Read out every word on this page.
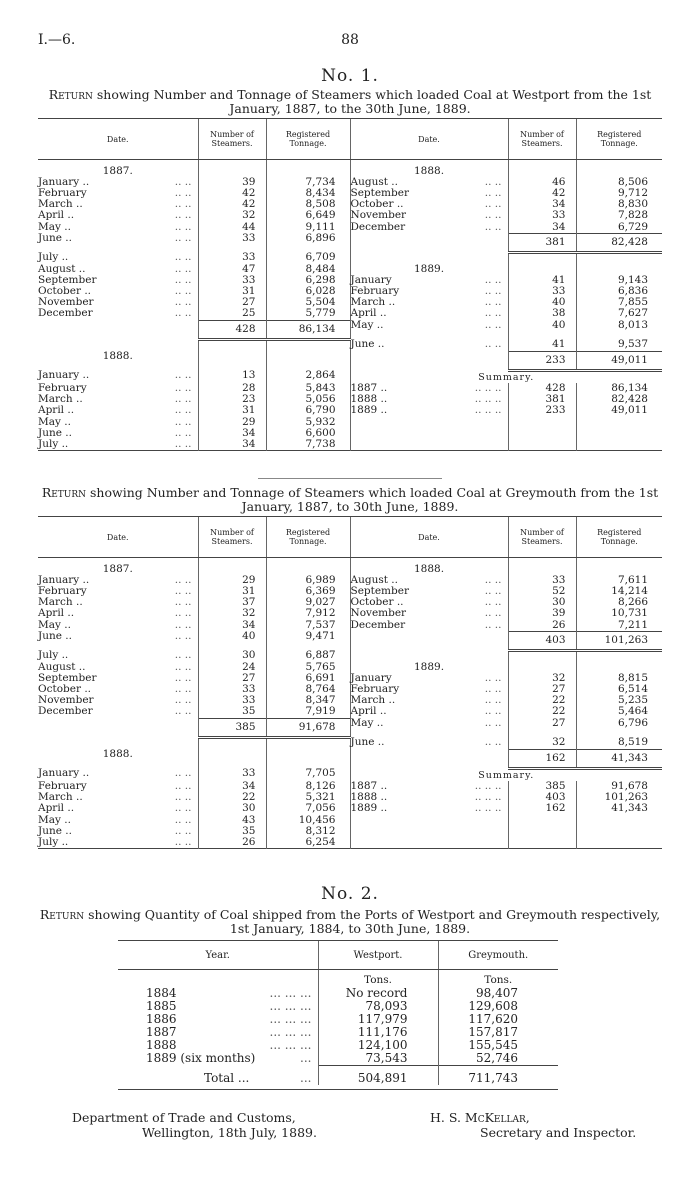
I.—6.	88
No. 1.
Return showing Number and Tonnage of Steamers which loaded Coal at Westport from the 1st January, 1887, to the 30th June, 1889.
Date.	Number of Steamers.	Registered Tonnage.	Date.	Number of Steamers.	Registered Tonnage.

1887.			1888.		
January .. .. ..	39	7,734	August .. .. ..	46	8,506
February .. ..	42	8,434	September .. ..	42	9,712
March .. .. ..	42	8,508	October .. .. ..	34	8,830
April .. .. ..	32	6,649	November .. ..	33	7,828
May .. .. ..	44	9,111	December .. ..	34	6,729
June .. .. ..	33	6,896		381	82,428
July .. .. ..	33	6,709			
August .. .. ..	47	8,484	1889.		
September .. ..	33	6,298	January .. ..	41	9,143
October .. .. ..	31	6,028	February .. ..	33	6,836
November .. ..	27	5,504	March .. .. ..	40	7,855
December .. ..	25	5,779	April .. .. ..	38	7,627
	428	86,134	May .. .. ..	40	8,013
			June .. .. ..	41	9,537
1888.				233	49,011
January .. .. ..	13	2,864	Summary.		
February .. ..	28	5,843	1887 .. .. .. ..	428	86,134
March .. .. ..	23	5,056	1888 .. .. .. ..	381	82,428
April .. .. ..	31	6,790	1889 .. .. .. ..	233	49,011
May .. .. ..	29	5,932			
June .. .. ..	34	6,600			
July .. .. ..	34	7,738			

Return showing Number and Tonnage of Steamers which loaded Coal at Greymouth from the 1st January, 1887, to 30th June, 1889.
Date.	Number of Steamers.	Registered Tonnage.	Date.	Number of Steamers.	Registered Tonnage.

1887.			1888.		
January .. .. ..	29	6,989	August .. .. ..	33	7,611
February .. ..	31	6,369	September .. ..	52	14,214
March .. .. ..	37	9,027	October .. .. ..	30	8,266
April .. .. ..	32	7,912	November .. ..	39	10,731
May .. .. ..	34	7,537	December .. ..	26	7,211
June .. .. ..	40	9,471		403	101,263
July .. .. ..	30	6,887			
August .. .. ..	24	5,765	1889.		
September .. ..	27	6,691	January .. ..	32	8,815
October .. .. ..	33	8,764	February .. ..	27	6,514
November .. ..	33	8,347	March .. .. ..	22	5,235
December .. ..	35	7,919	April .. .. ..	22	5,464
	385	91,678	May .. .. ..	27	6,796
			June .. .. ..	32	8,519
1888.				162	41,343
January .. .. ..	33	7,705	Summary.		
February .. ..	34	8,126	1887 .. .. .. ..	385	91,678
March .. .. ..	22	5,321	1888 .. .. .. ..	403	101,263
April .. .. ..	30	7,056	1889 .. .. .. ..	162	41,343
May .. .. ..	43	10,456			
June .. .. ..	35	8,312			
July .. .. ..	26	6,254			

No. 2.
Return showing Quantity of Coal shipped from the Ports of Westport and Greymouth respectively, 1st January, 1884, to 30th June, 1889.
Year.	Westport.	Greymouth.
	Tons.	Tons.
1884 ... ... ...	No record	98,407
1885 ... ... ...	78,093	129,608
1886 ... ... ...	117,979	117,620
1887 ... ... ...	111,176	157,817
1888 ... ... ...	124,100	155,545
1889 (six months) ...	73,543	52,746
Total ... ...	504,891	711,743

Department of Trade and Customs,
Wellington, 18th July, 1889.
H. S. McKellar,
Secretary and Inspector.
